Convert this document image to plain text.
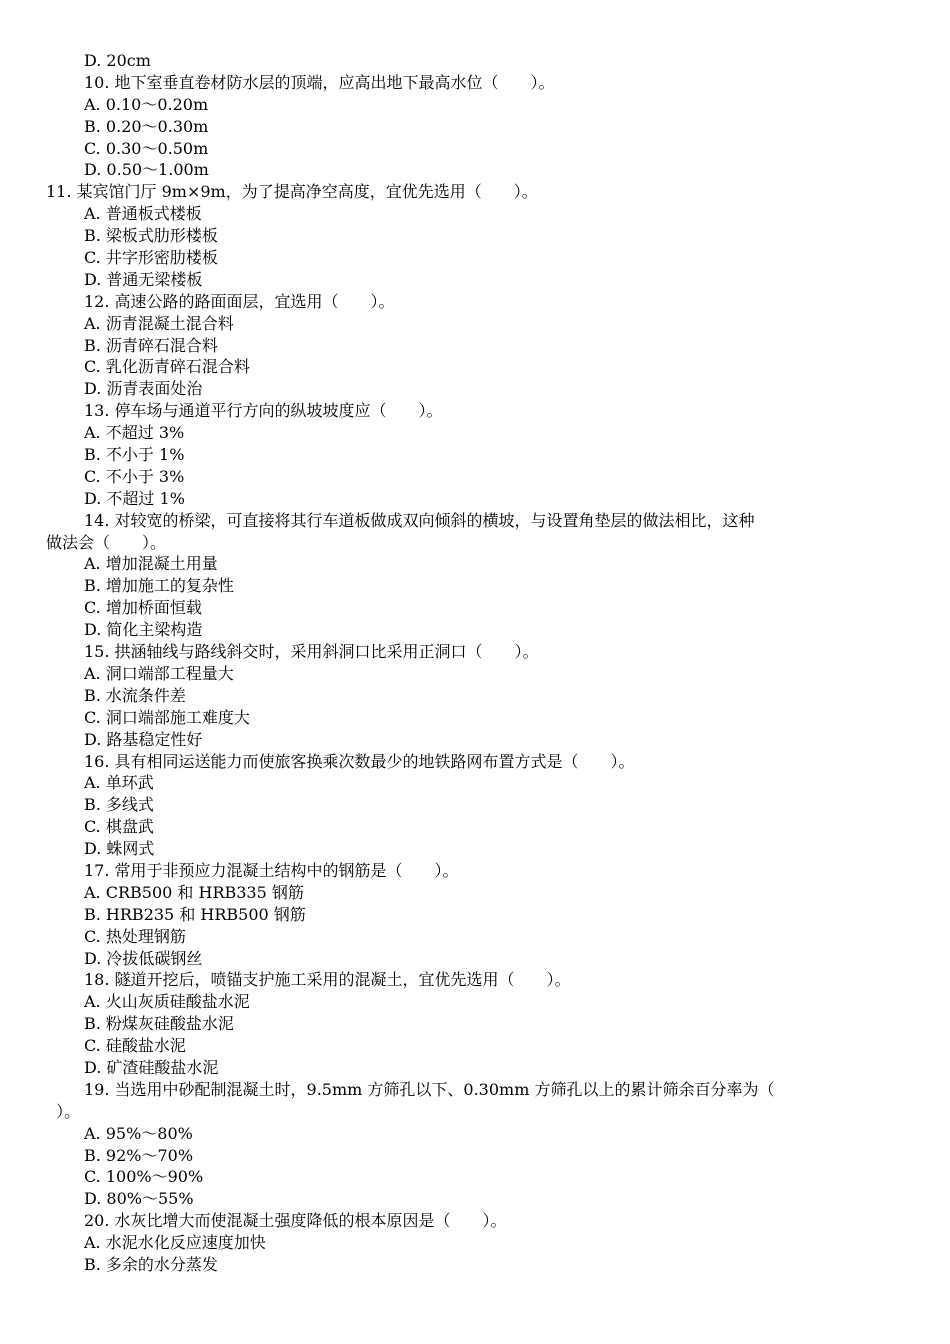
D. 20cm
10. 地下室垂直卷材防水层的顶端，应高出地下最高水位（　　）。
A. 0.10～0.20m
B. 0.20～0.30m
C. 0.30～0.50m
D. 0.50～1.00m
11. 某宾馆门厅 9m×9m，为了提高净空高度，宜优先选用（　　）。
A. 普通板式楼板
B. 梁板式肋形楼板
C. 井字形密肋楼板
D. 普通无梁楼板
12. 高速公路的路面面层，宜选用（　　）。
A. 沥青混凝土混合料
B. 沥青碎石混合料
C. 乳化沥青碎石混合料
D. 沥青表面处治
13. 停车场与通道平行方向的纵坡坡度应（　　）。
A. 不超过 3%
B. 不小于 1%
C. 不小于 3%
D. 不超过 1%
14. 对较宽的桥梁，可直接将其行车道板做成双向倾斜的横坡，与设置角垫层的做法相比，这种
做法会（　　）。
A. 增加混凝土用量
B. 增加施工的复杂性
C. 增加桥面恒载
D. 简化主梁构造
15. 拱涵轴线与路线斜交时，采用斜洞口比采用正洞口（　　）。
A. 洞口端部工程量大
B. 水流条件差
C. 洞口端部施工难度大
D. 路基稳定性好
16. 具有相同运送能力而使旅客换乘次数最少的地铁路网布置方式是（　　）。
A. 单环武
B. 多线式
C. 棋盘武
D. 蛛网式
17. 常用于非预应力混凝土结构中的钢筋是（　　）。
A. CRB500 和 HRB335 钢筋
B. HRB235 和 HRB500 钢筋
C. 热处理钢筋
D. 冷拔低碳钢丝
18. 隧道开挖后，喷锚支护施工采用的混凝土，宜优先选用（　　）。
A. 火山灰质硅酸盐水泥
B. 粉煤灰硅酸盐水泥
C. 硅酸盐水泥
D. 矿渣硅酸盐水泥
19. 当选用中砂配制混凝土时，9.5mm 方筛孔以下、0.30mm 方筛孔以上的累计筛余百分率为（
）。
A. 95%～80%
B. 92%～70%
C. 100%～90%
D. 80%～55%
20. 水灰比增大而使混凝土强度降低的根本原因是（　　）。
A. 水泥水化反应速度加快
B. 多余的水分蒸发
